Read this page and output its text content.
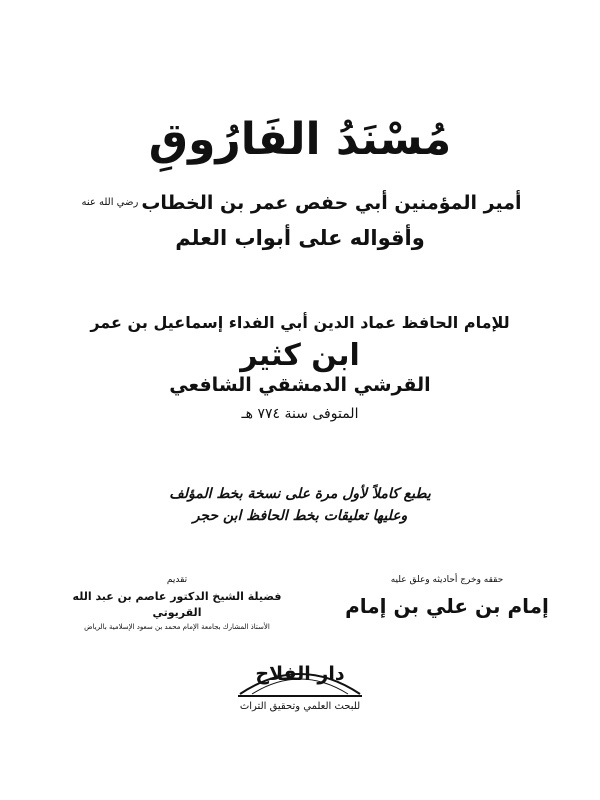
مُسْنَدُ الفَارُوقِ
أمير المؤمنين أبي حفص عمر بن الخطابرضي الله عنه
وأقواله على أبواب العلم
للإمام الحافظ عماد الدين أبي الفداء إسماعيل بن عمر
ابن كثير
القرشي الدمشقي الشافعي
المتوفى سنة ٧٧٤ هـ
يطبع كاملاً لأول مرة على نسخة بخط المؤلف
وعليها تعليقات بخط الحافظ ابن حجر
حققه وخرج أحاديثه وعلق عليه
إمام بن علي بن إمام
تقديم
فضيلة الشيخ الدكتور عاصم بن عبد الله القريوتي
الأستاذ المشارك بجامعة الإمام محمد بن سعود الإسلامية بالرياض
دار الفلاح
للبحث العلمي وتحقيق التراث
